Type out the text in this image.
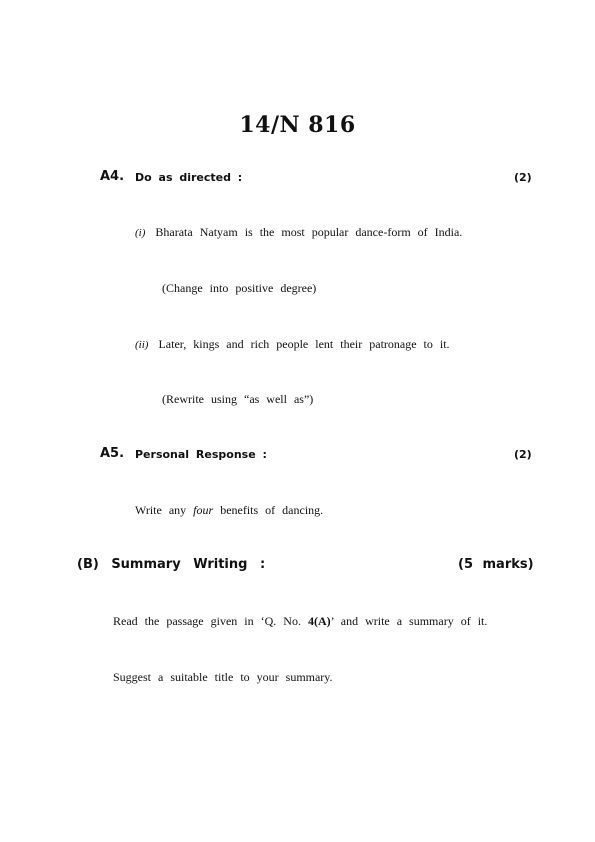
14/N 816
A4. Do as directed :	(2)
(i) Bharata Natyam is the most popular dance-form of India.
(Change into positive degree)
(ii) Later, kings and rich people lent their patronage to it.
(Rewrite using “as well as”)
A5. Personal Response :	(2)
Write any four benefits of dancing.
(B) Summary Writing :	(5 marks)
Read the passage given in ‘Q. No. 4(A)’ and write a summary of it.
Suggest a suitable title to your summary.
